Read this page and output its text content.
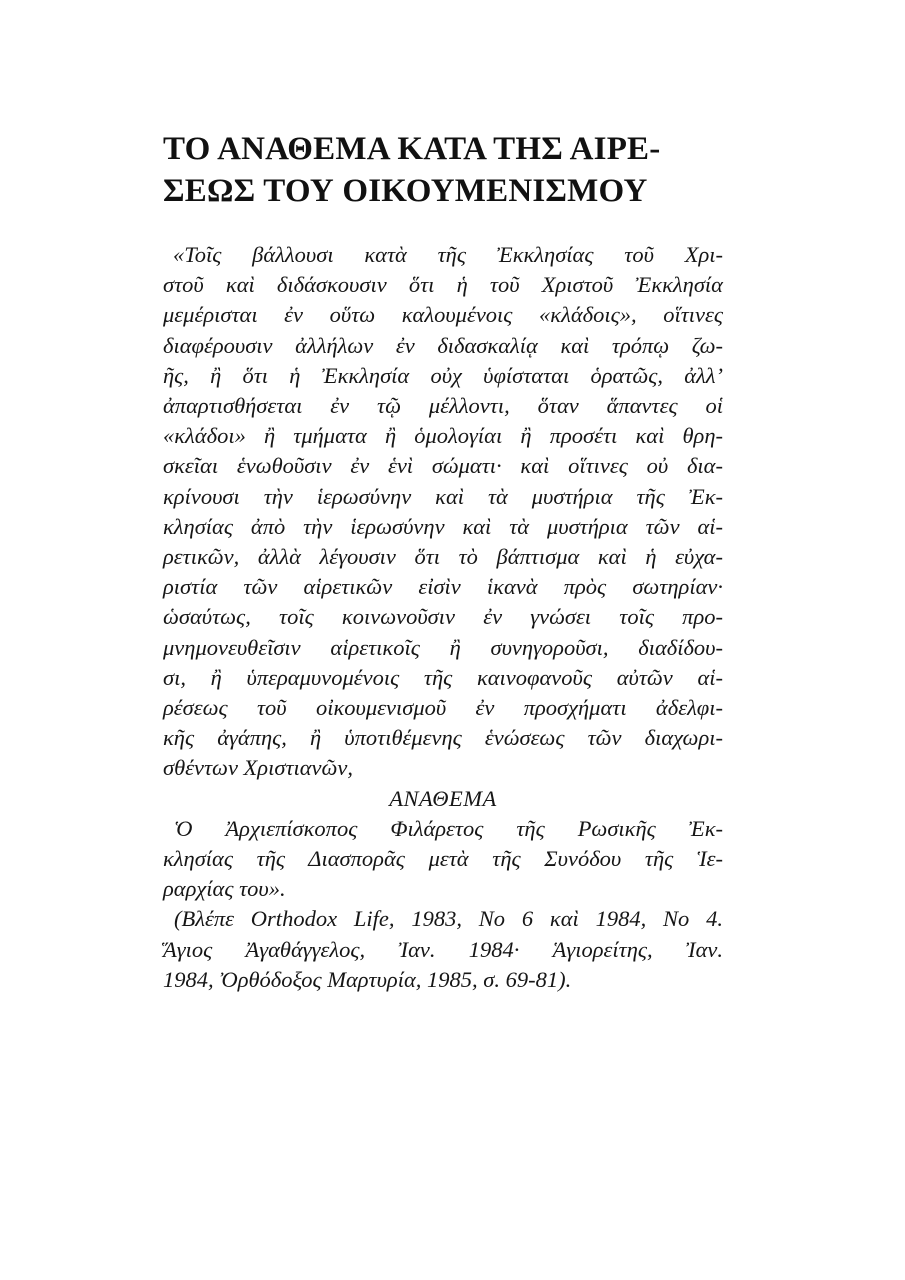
ΤΟ ΑΝΑΘΕΜΑ ΚΑΤΑ ΤΗΣ ΑΙΡΕ-
ΣΕΩΣ ΤΟΥ ΟΙΚΟΥΜΕΝΙΣΜΟΥ
«Τοῖς βάλλουσι κατὰ τῆς Ἐκκλησίας τοῦ Χρι-
στοῦ καὶ διδάσκουσιν ὅτι ἡ τοῦ Χριστοῦ Ἐκκλησία
μεμέρισται ἐν οὕτω καλουμένοις «κλάδοις», οἵτινες
διαφέρουσιν ἀλλήλων ἐν διδασκαλίᾳ καὶ τρόπῳ ζω-
ῆς, ἢ ὅτι ἡ Ἐκκλησία οὐχ ὑφίσταται ὁρατῶς, ἀλλ’
ἀπαρτισθήσεται ἐν τῷ μέλλοντι, ὅταν ἅπαντες οἱ
«κλάδοι» ἢ τμήματα ἢ ὁμολογίαι ἢ προσέτι καὶ θρη-
σκεῖαι ἑνωθοῦσιν ἐν ἑνὶ σώματι· καὶ οἵτινες οὐ δια-
κρίνουσι τὴν ἱερωσύνην καὶ τὰ μυστήρια τῆς Ἐκ-
κλησίας ἀπὸ τὴν ἱερωσύνην καὶ τὰ μυστήρια τῶν αἱ-
ρετικῶν, ἀλλὰ λέγουσιν ὅτι τὸ βάπτισμα καὶ ἡ εὐχα-
ριστία τῶν αἱρετικῶν εἰσὶν ἱκανὰ πρὸς σωτηρίαν·
ὡσαύτως, τοῖς κοινωνοῦσιν ἐν γνώσει τοῖς προ-
μνημονευθεῖσιν αἱρετικοῖς ἢ συνηγοροῦσι, διαδίδου-
σι, ἢ ὑπεραμυνομένοις τῆς καινοφανοῦς αὐτῶν αἱ-
ρέσεως τοῦ οἰκουμενισμοῦ ἐν προσχήματι ἀδελφι-
κῆς ἀγάπης, ἢ ὑποτιθέμενης ἑνώσεως τῶν διαχωρι-
σθέντων Χριστιανῶν,
ΑΝΑΘΕΜΑ
Ὁ Ἀρχιεπίσκοπος Φιλάρετος τῆς Ρωσικῆς Ἐκ-
κλησίας τῆς Διασπορᾶς μετὰ τῆς Συνόδου τῆς Ἱε-
ραρχίας του».
(Βλέπε Orthodox Life, 1983, No 6 καὶ 1984, No 4.
Ἅγιος Ἀγαθάγγελος, Ἰαν. 1984· Ἁγιορείτης, Ἰαν.
1984, Ὀρθόδοξος Μαρτυρία, 1985, σ. 69-81).
